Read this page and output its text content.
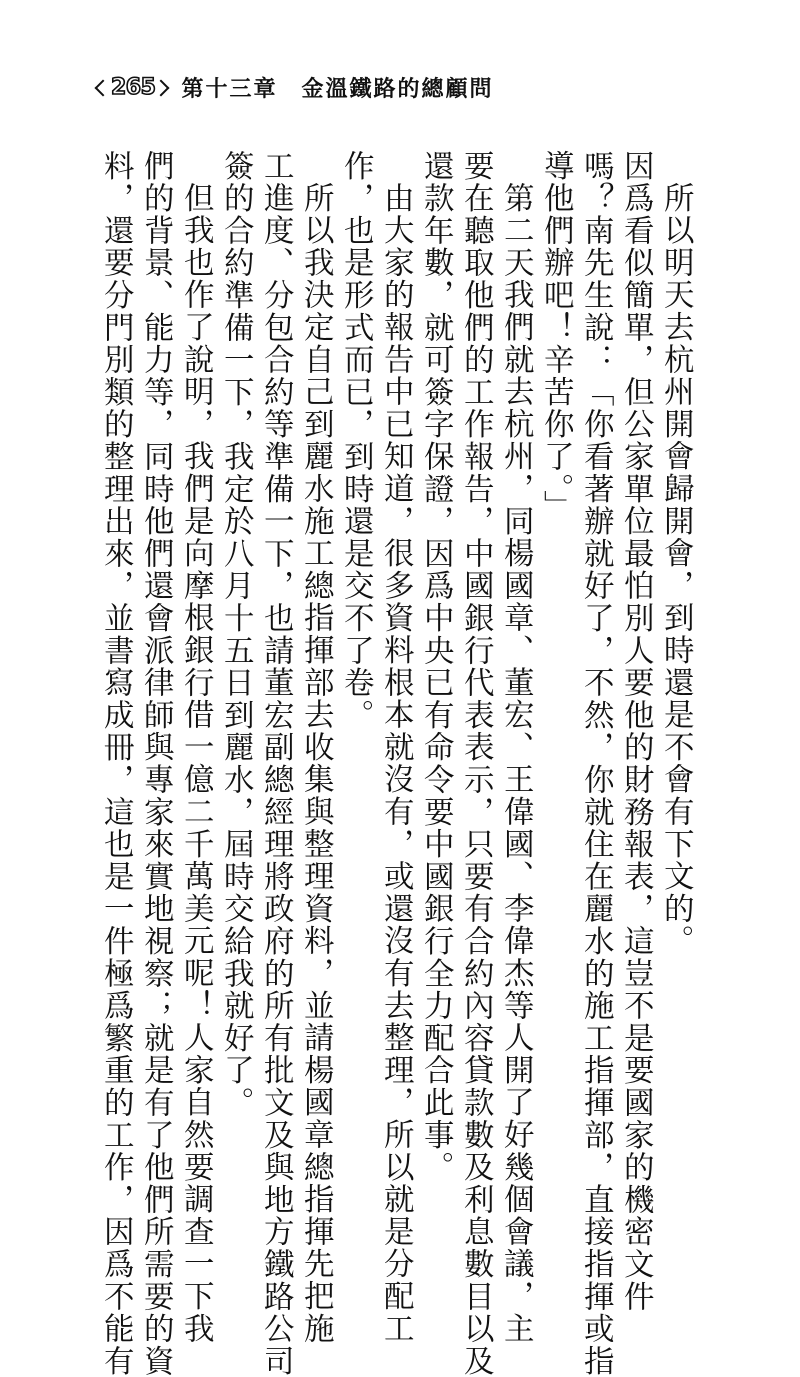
265 第十三章　金溫鐵路的總顧問
所以明天去杭州開會歸開會，到時還是不會有下文的。
因爲看似簡單，但公家單位最怕別人要他的財務報表，這豈不是要國家的機密文件
嗎？南先生說：「你看著辦就好了，不然，你就住在麗水的施工指揮部，直接指揮或指
導他們辦吧！辛苦你了。」
第二天我們就去杭州，同楊國章、董宏、王偉國、李偉杰等人開了好幾個會議，主
要在聽取他們的工作報告，中國銀行代表表示，只要有合約內容貸款數及利息數目以及
還款年數，就可簽字保證，因爲中央已有命令要中國銀行全力配合此事。
由大家的報告中已知道，很多資料根本就沒有，或還沒有去整理，所以就是分配工
作，也是形式而已，到時還是交不了卷。
所以我決定自己到麗水施工總指揮部去收集與整理資料，並請楊國章總指揮先把施
工進度、分包合約等準備一下，也請董宏副總經理將政府的所有批文及與地方鐵路公司
簽的合約準備一下，我定於八月十五日到麗水，屆時交給我就好了。
但我也作了說明，我們是向摩根銀行借一億二千萬美元呢！人家自然要調查一下我
們的背景、能力等，同時他們還會派律師與專家來實地視察；就是有了他們所需要的資
料，還要分門別類的整理出來，並書寫成冊，這也是一件極爲繁重的工作，因爲不能有
